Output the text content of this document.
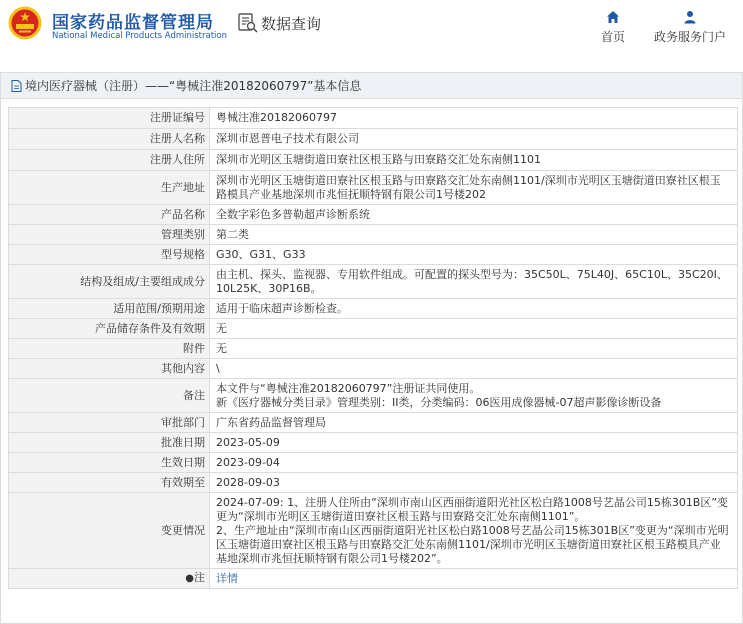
国家药品监督管理局
National Medical Products Administration
数据查询
首页 政务服务门户
境内医疗器械（注册）——“粤械注准20182060797”基本信息
注册证编号	粤械注准20182060797
注册人名称	深圳市恩普电子技术有限公司
注册人住所	深圳市光明区玉塘街道田寮社区根玉路与田寮路交汇处东南侧1101
生产地址	深圳市光明区玉塘街道田寮社区根玉路与田寮路交汇处东南侧1101/深圳市光明区玉塘街道田寮社区根玉路模具产业基地深圳市兆恒抚顺特钢有限公司1号楼202
产品名称	全数字彩色多普勒超声诊断系统
管理类别	第二类
型号规格	G30、G31、G33
结构及组成/主要组成成分	由主机、探头、监视器、专用软件组成。可配置的探头型号为：35C50L、75L40J、65C10L、35C20I、10L25K、30P16B。
适用范围/预期用途	适用于临床超声诊断检查。
产品储存条件及有效期	无
附件	无
其他内容	\
备注	本文件与“粤械注准20182060797”注册证共同使用。
新《医疗器械分类目录》管理类别：II类，分类编码：06医用成像器械-07超声影像诊断设备
审批部门	广东省药品监督管理局
批准日期	2023-05-09
生效日期	2023-09-04
有效期至	2028-09-03
变更情况	2024-07-09: 1、注册人住所由“深圳市南山区西丽街道阳光社区松白路1008号艺晶公司15栋301B区”变更为“深圳市光明区玉塘街道田寮社区根玉路与田寮路交汇处东南侧1101”。
2、生产地址由“深圳市南山区西丽街道阳光社区松白路1008号艺晶公司15栋301B区”变更为“深圳市光明区玉塘街道田寮社区根玉路与田寮路交汇处东南侧1101/深圳市光明区玉塘街道田寮社区根玉路模具产业基地深圳市兆恒抚顺特钢有限公司1号楼202”。
●注	详情
